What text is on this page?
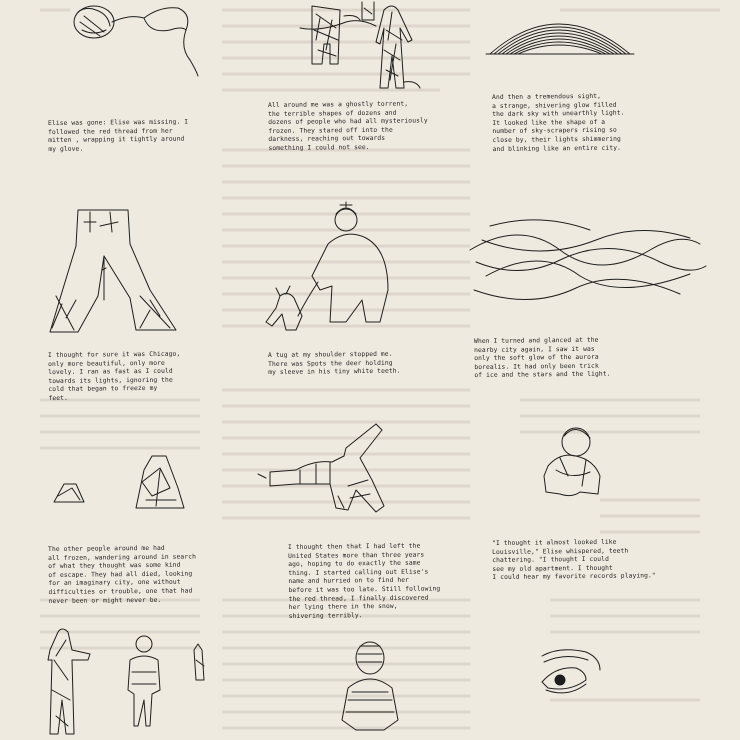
Elise was gone: Elise was missing. I
followed the red thread from her
mitten , wrapping it tightly around
my glove.
All around me was a ghostly torrent,
the terrible shapes of dozens and
dozens of people who had all mysteriously
frozen. They stared off into the
darkness, reaching out towards
something I could not see.
And then a tremendous sight,
a strange, shivering glow filled
the dark sky with unearthly light.
It looked like the shape of a
number of sky-scrapers rising so
close by, their lights shimmering
and blinking like an entire city.
I thought for sure it was Chicago,
only more beautiful, only more
lovely. I ran as fast as I could
towards its lights, ignoring the
cold that began to freeze my
feet.
A tug at my shoulder stopped me.
There was Spots the deer holding
my sleeve in his tiny white teeth.
When I turned and glanced at the
nearby city again, I saw it was
only the soft glow of the aurora
borealis. It had only been trick
of ice and the stars and the light.
The other people around me had
all frozen, wandering around in search
of what they thought was some kind
of escape. They had all died, looking
for an imaginary city, one without
difficulties or trouble, one that had
never been or might never be.
I thought then that I had left the
United States more than three years
ago, hoping to do exactly the same
thing. I started calling out Elise's
name and hurried on to find her
before it was too late. Still following
the red thread, I finally discovered
her lying there in the snow,
shivering terribly.
"I thought it almost looked like
Louisville," Elise whispered, teeth
chattering. "I thought I could
see my old apartment. I thought
I could hear my favorite records playing."
